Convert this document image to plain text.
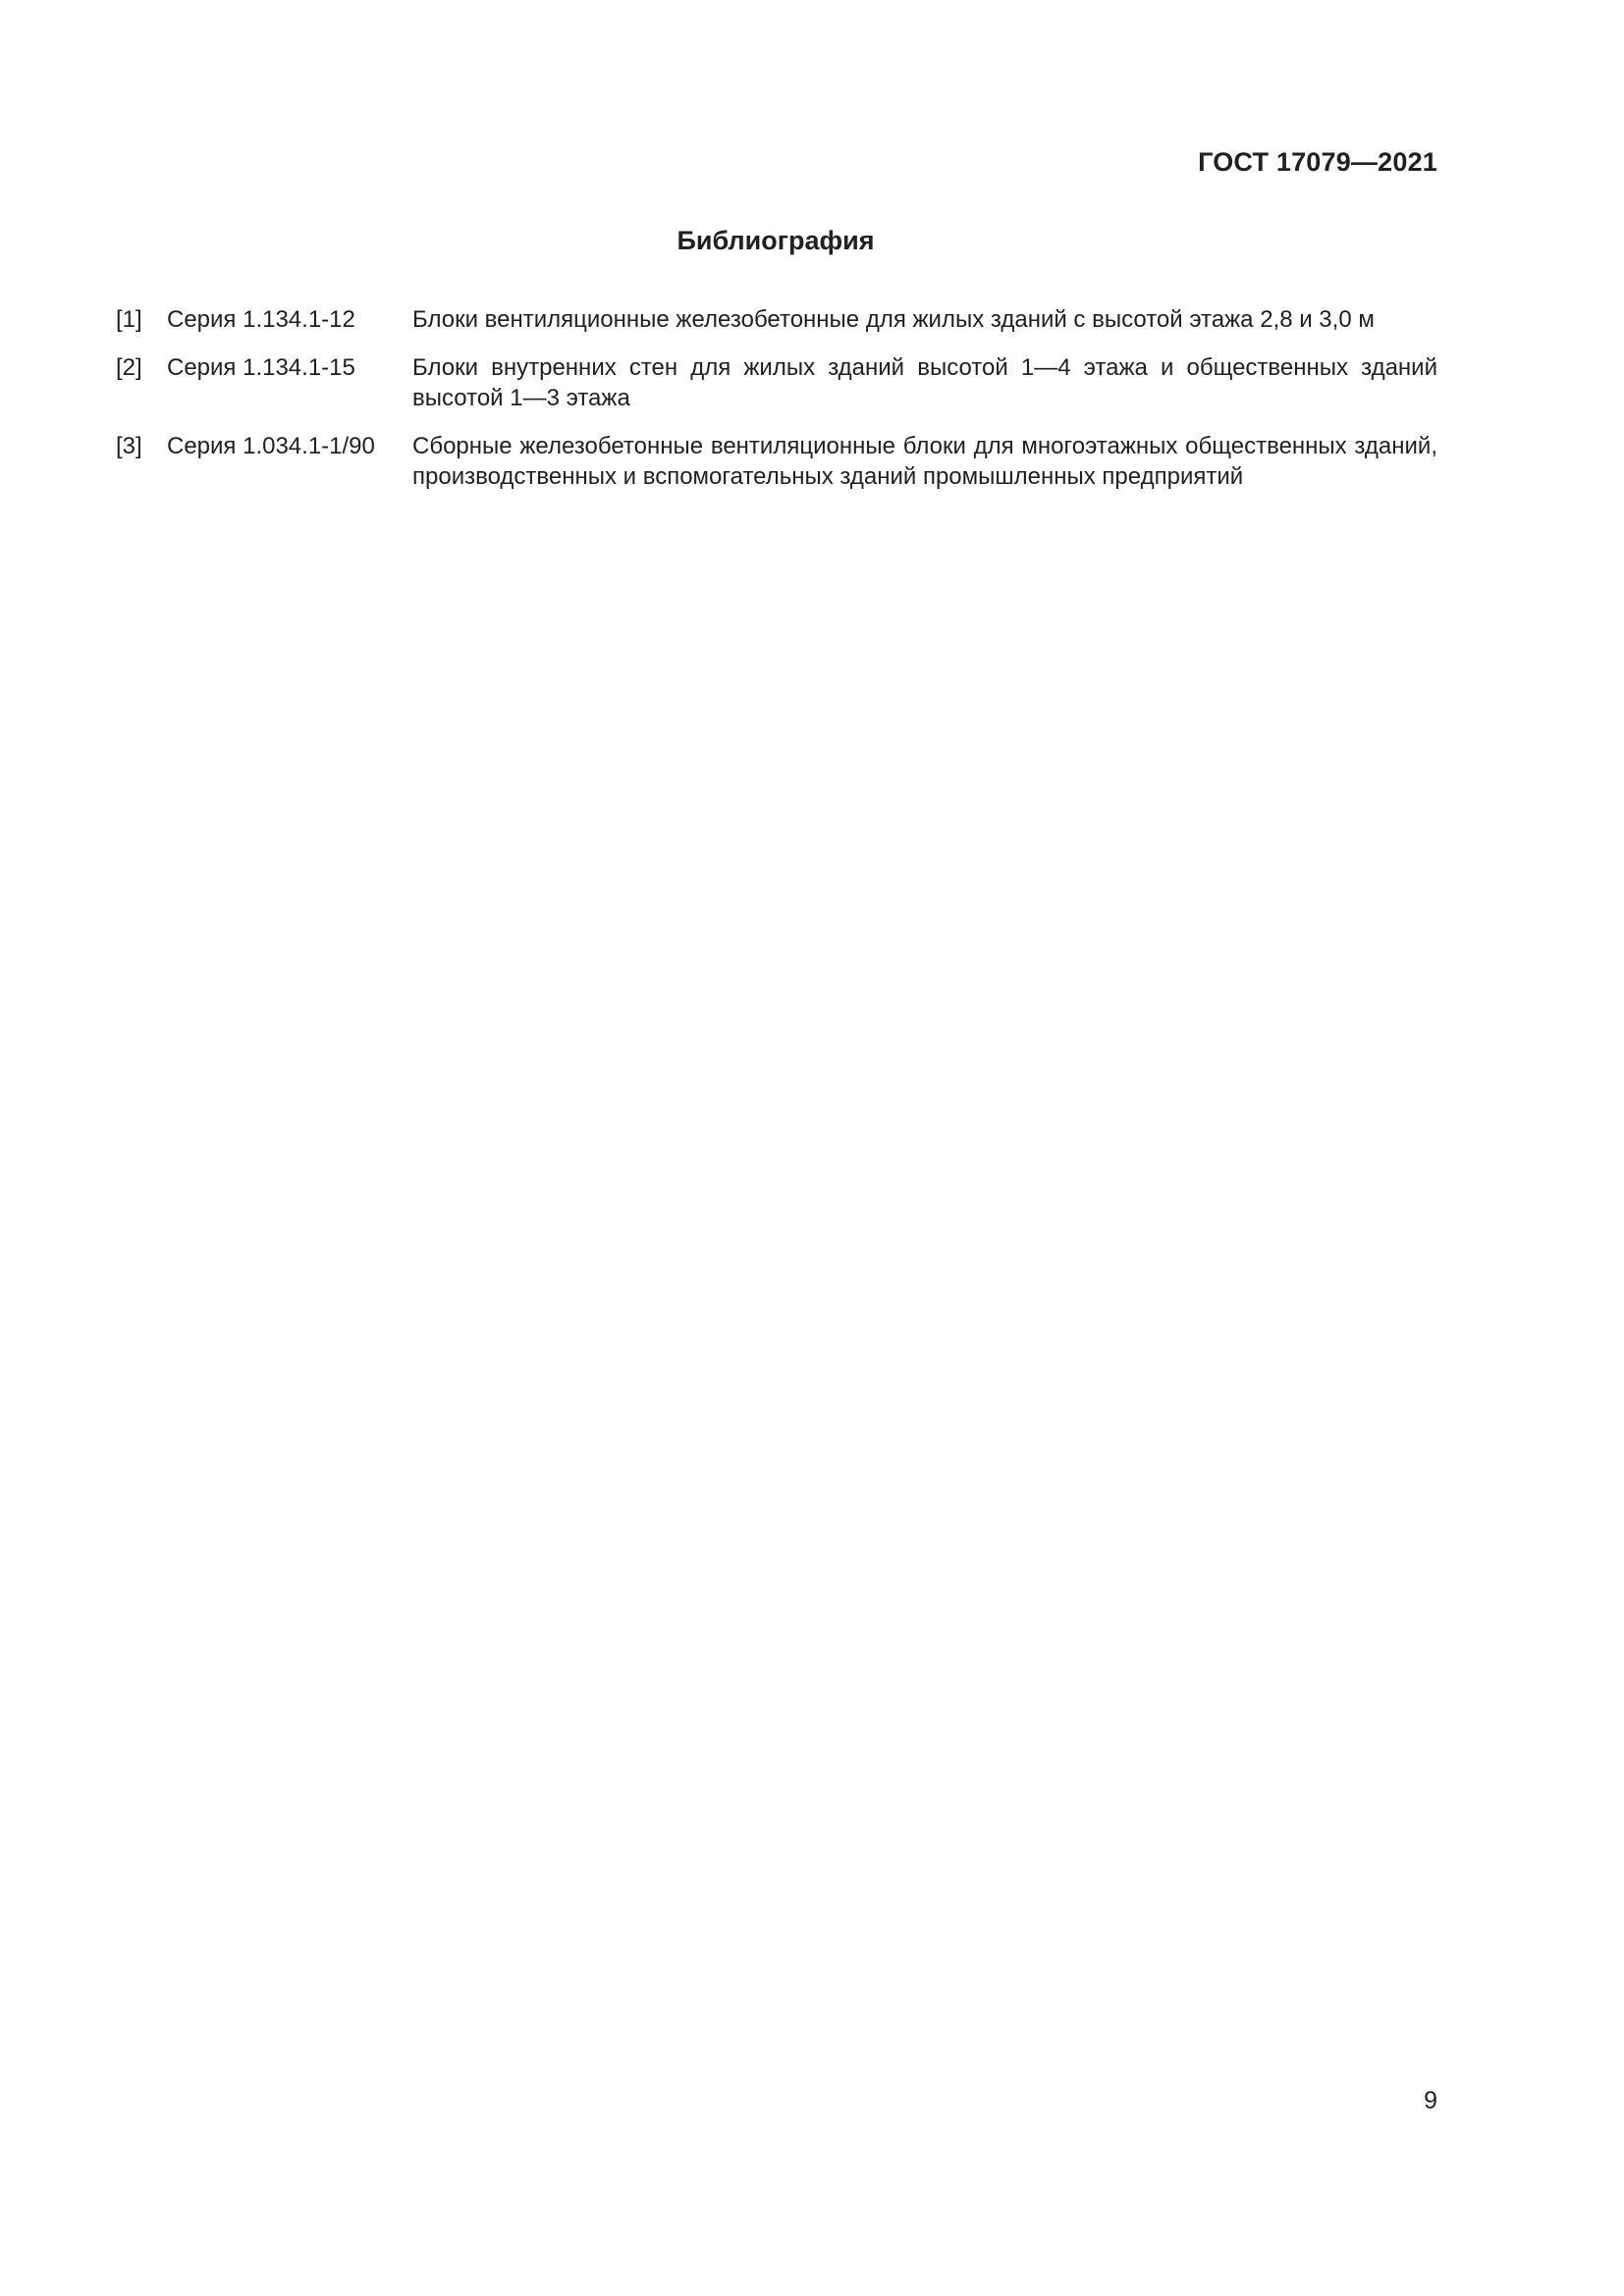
ГОСТ 17079—2021
Библиография
[1]	Серия 1.134.1-12	Блоки вентиляционные железобетонные для жилых зданий с высотой этажа 2,8 и 3,0 м
[2]	Серия 1.134.1-15	Блоки внутренних стен для жилых зданий высотой 1—4 этажа и общественных зданий высотой 1—3 этажа
[3]	Серия 1.034.1-1/90	Сборные железобетонные вентиляционные блоки для многоэтажных общественных зданий, производственных и вспомогательных зданий промышленных предприятий
9
